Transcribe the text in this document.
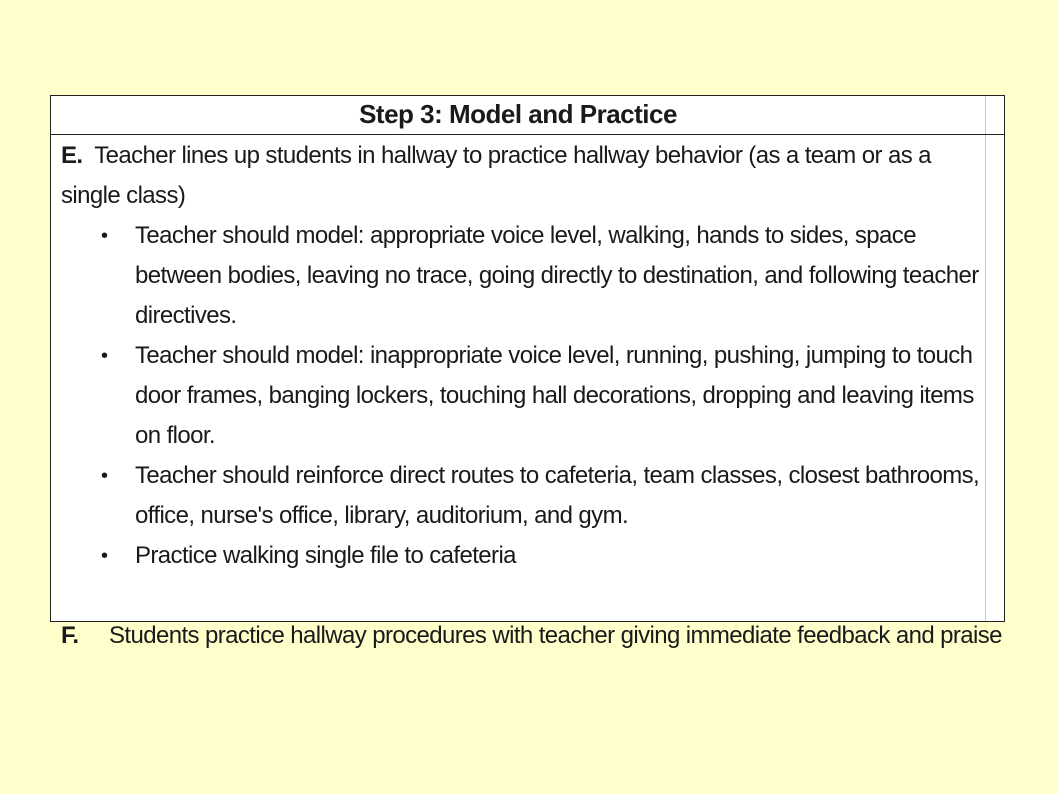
Step 3: Model and Practice

E. Teacher lines up students in hallway to practice hallway behavior (as a team or as a single class)

• Teacher should model: appropriate voice level, walking, hands to sides, space between bodies, leaving no trace, going directly to destination, and following teacher directives.
• Teacher should model: inappropriate voice level, running, pushing, jumping to touch door frames, banging lockers, touching hall decorations, dropping and leaving items on floor.
• Teacher should reinforce direct routes to cafeteria, team classes, closest bathrooms, office, nurse's office, library, auditorium, and gym.
• Practice walking single file to cafeteria

F. Students practice hallway procedures with teacher giving immediate feedback and praise
